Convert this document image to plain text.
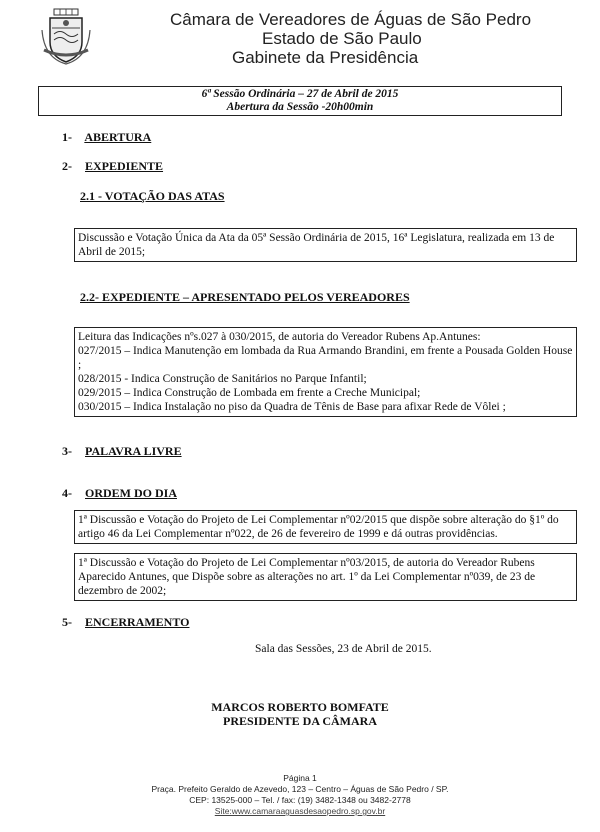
Câmara de Vereadores de Águas de São Pedro
Estado de São Paulo
Gabinete da Presidência
6ª Sessão Ordinária – 27 de Abril de 2015
Abertura da Sessão -20h00min
1- ABERTURA
2- EXPEDIENTE
2.1 - VOTAÇÃO DAS ATAS

Discussão e Votação Única da Ata da 05ª Sessão Ordinária de 2015, 16ª Legislatura, realizada em 13 de Abril de 2015;

2.2- EXPEDIENTE – APRESENTADO PELOS VEREADORES

Leitura das Indicações nºs.027 à 030/2015, de autoria do Vereador Rubens Ap.Antunes:

027/2015 – Indica Manutenção em lombada da Rua Armando Brandini, em frente a Pousada Golden House ;

028/2015 - Indica Construção de Sanitários no Parque Infantil;

029/2015 – Indica Construção de Lombada em frente a Creche Municipal;

030/2015 – Indica Instalação no piso da Quadra de Tênis de Base para afixar Rede de Vôlei ;

3- PALAVRA LIVRE
4- ORDEM DO DIA

1ª Discussão e Votação do Projeto de Lei Complementar nº02/2015 que dispõe sobre alteração do §1º do artigo 46 da Lei Complementar nº022, de 26 de fevereiro de 1999 e dá outras providências.

1ª Discussão e Votação do Projeto de Lei Complementar nº03/2015, de autoria do Vereador Rubens Aparecido Antunes, que Dispõe sobre as alterações no art. 1º da Lei Complementar nº039, de 23 de dezembro de 2002;

5- ENCERRAMENTO
Sala das Sessões, 23 de Abril de 2015.
MARCOS ROBERTO BOMFATE
PRESIDENTE DA CÂMARA
Página 1
Praça. Prefeito Geraldo de Azevedo, 123 – Centro – Águas de São Pedro / SP.
CEP: 13525-000 – Tel. / fax: (19) 3482-1348 ou 3482-2778
Site:www.camaraaguasdesaopedro.sp.gov.br
